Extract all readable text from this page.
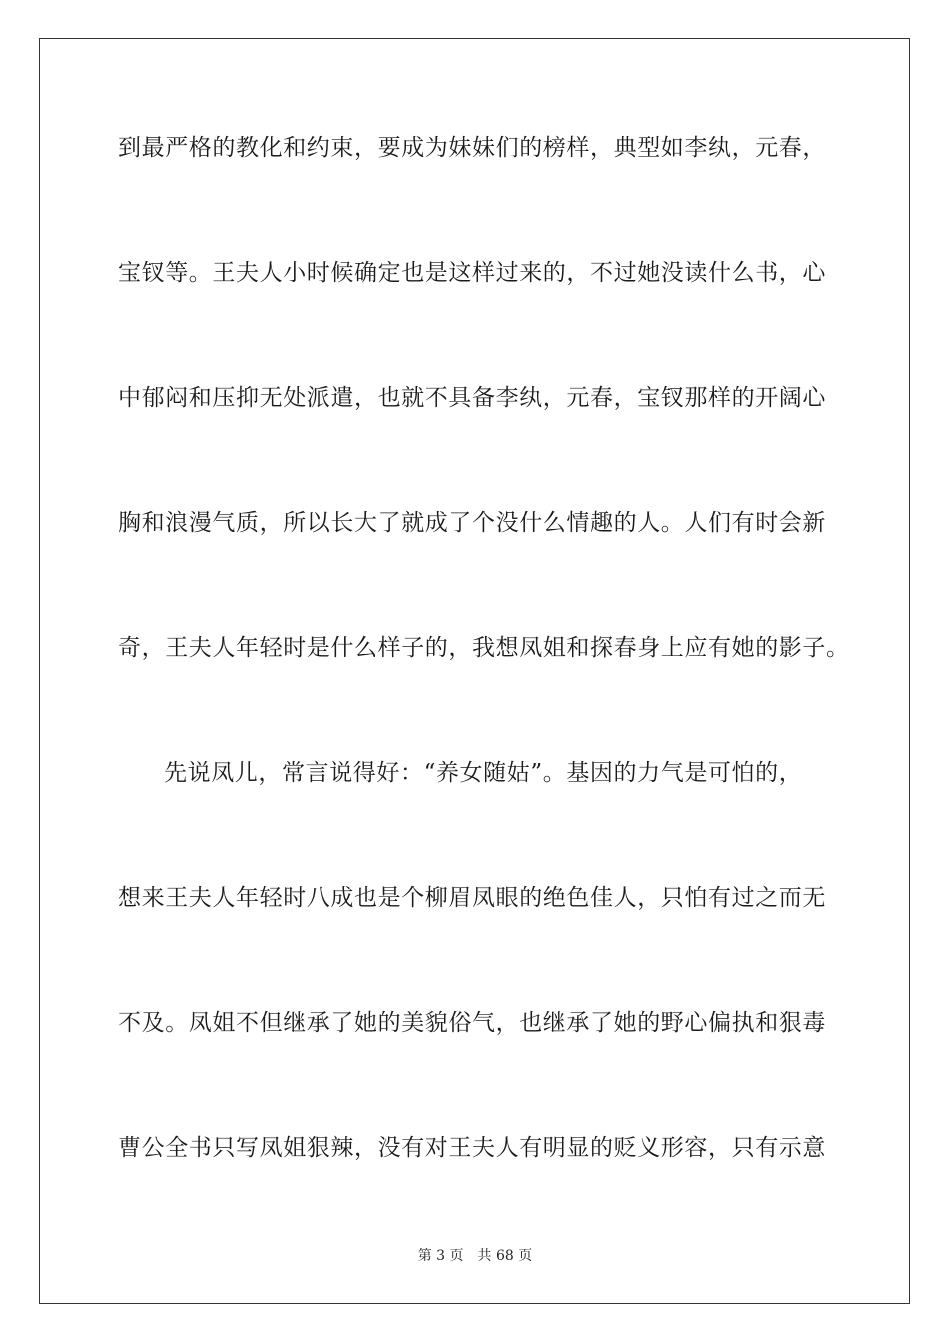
到最严格的教化和约束，要成为妹妹们的榜样，典型如李纨，元春，
宝钗等。王夫人小时候确定也是这样过来的，不过她没读什么书，心
中郁闷和压抑无处派遣，也就不具备李纨，元春，宝钗那样的开阔心
胸和浪漫气质，所以长大了就成了个没什么情趣的人。人们有时会新
奇，王夫人年轻时是什么样子的，我想凤姐和探春身上应有她的影子。
先说凤儿，常言说得好：“养女随姑”。基因的力气是可怕的，
想来王夫人年轻时八成也是个柳眉凤眼的绝色佳人，只怕有过之而无
不及。凤姐不但继承了她的美貌俗气，也继承了她的野心偏执和狠毒
曹公全书只写凤姐狠辣，没有对王夫人有明显的贬义形容，只有示意
第 3 页 共 68 页
